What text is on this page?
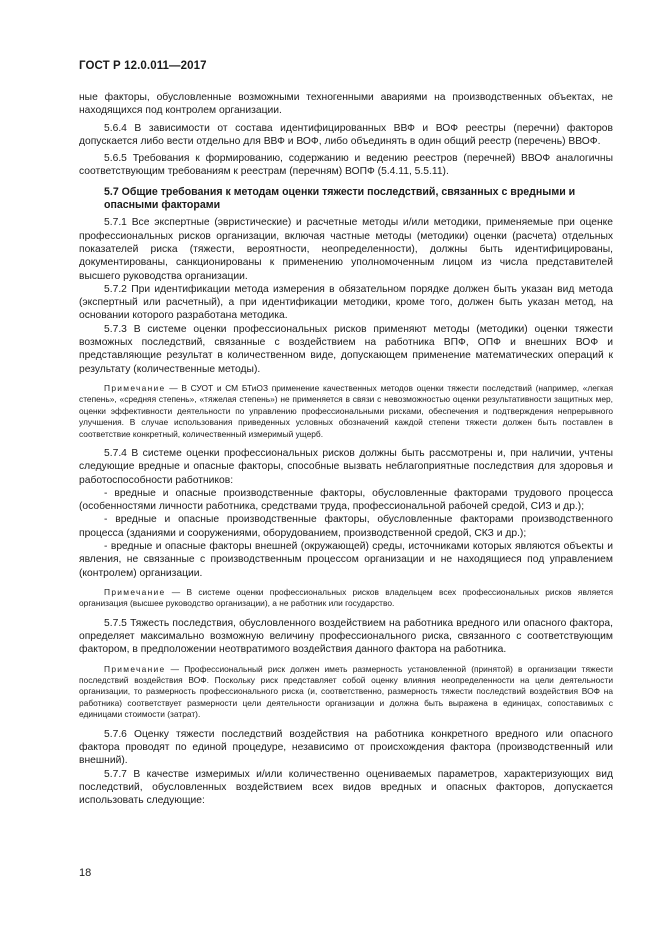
ГОСТ Р 12.0.011—2017

ные факторы, обусловленные возможными техногенными авариями на производственных объектах, не находящихся под контролем организации.

5.6.4 В зависимости от состава идентифицированных ВВФ и ВОФ реестры (перечни) факторов допускается либо вести отдельно для ВВФ и ВОФ, либо объединять в один общий реестр (перечень) ВВОФ.

5.6.5 Требования к формированию, содержанию и ведению реестров (перечней) ВВОФ аналогичны соответствующим требованиям к реестрам (перечням) ВОПФ (5.4.11, 5.5.11).

5.7 Общие требования к методам оценки тяжести последствий, связанных с вредными и опасными факторами

5.7.1 Все экспертные (эвристические) и расчетные методы и/или методики, применяемые при оценке профессиональных рисков организации, включая частные методы (методики) оценки (расчета) отдельных показателей риска (тяжести, вероятности, неопределенности), должны быть идентифицированы, документированы, санкционированы к применению уполномоченным лицом из числа представителей высшего руководства организации.

5.7.2 При идентификации метода измерения в обязательном порядке должен быть указан вид метода (экспертный или расчетный), а при идентификации методики, кроме того, должен быть указан метод, на основании которого разработана методика.

5.7.3 В системе оценки профессиональных рисков применяют методы (методики) оценки тяжести возможных последствий, связанные с воздействием на работника ВПФ, ОПФ и внешних ВОФ и представляющие результат в количественном виде, допускающем применение математических операций к результату (количественные методы).

Примечание — В СУОТ и СМ БТиОЗ применение качественных методов оценки тяжести последствий (например, «легкая степень», «средняя степень», «тяжелая степень») не применяется в связи с невозможностью оценки результативности защитных мер, оценки эффективности деятельности по управлению профессиональными рисками, обеспечения и подтверждения непрерывного улучшения. В случае использования приведенных условных обозначений каждой степени тяжести должен быть поставлен в соответствие конкретный, количественный измеримый ущерб.

5.7.4 В системе оценки профессиональных рисков должны быть рассмотрены и, при наличии, учтены следующие вредные и опасные факторы, способные вызвать неблагоприятные последствия для здоровья и работоспособности работников:

- вредные и опасные производственные факторы, обусловленные факторами трудового процесса (особенностями личности работника, средствами труда, профессиональной рабочей средой, СИЗ и др.);

- вредные и опасные производственные факторы, обусловленные факторами производственного процесса (зданиями и сооружениями, оборудованием, производственной средой, СКЗ и др.);

- вредные и опасные факторы внешней (окружающей) среды, источниками которых являются объекты и явления, не связанные с производственным процессом организации и не находящиеся под управлением (контролем) организации.

Примечание — В системе оценки профессиональных рисков владельцем всех профессиональных рисков является организация (высшее руководство организации), а не работник или государство.

5.7.5 Тяжесть последствия, обусловленного воздействием на работника вредного или опасного фактора, определяет максимально возможную величину профессионального риска, связанного с соответствующим фактором, в предположении неотвратимого воздействия данного фактора на работника.

Примечание — Профессиональный риск должен иметь размерность установленной (принятой) в организации тяжести последствий воздействия ВОФ. Поскольку риск представляет собой оценку влияния неопределенности на цели деятельности организации, то размерность профессионального риска (и, соответственно, размерность тяжести последствий воздействия ВОФ на работника) соответствует размерности цели деятельности организации и должна быть выражена в единицах, сопоставимых с единицами стоимости (затрат).

5.7.6 Оценку тяжести последствий воздействия на работника конкретного вредного или опасного фактора проводят по единой процедуре, независимо от происхождения фактора (производственный или внешний).

5.7.7 В качестве измеримых и/или количественно оцениваемых параметров, характеризующих вид последствий, обусловленных воздействием всех видов вредных и опасных факторов, допускается использовать следующие:

18
